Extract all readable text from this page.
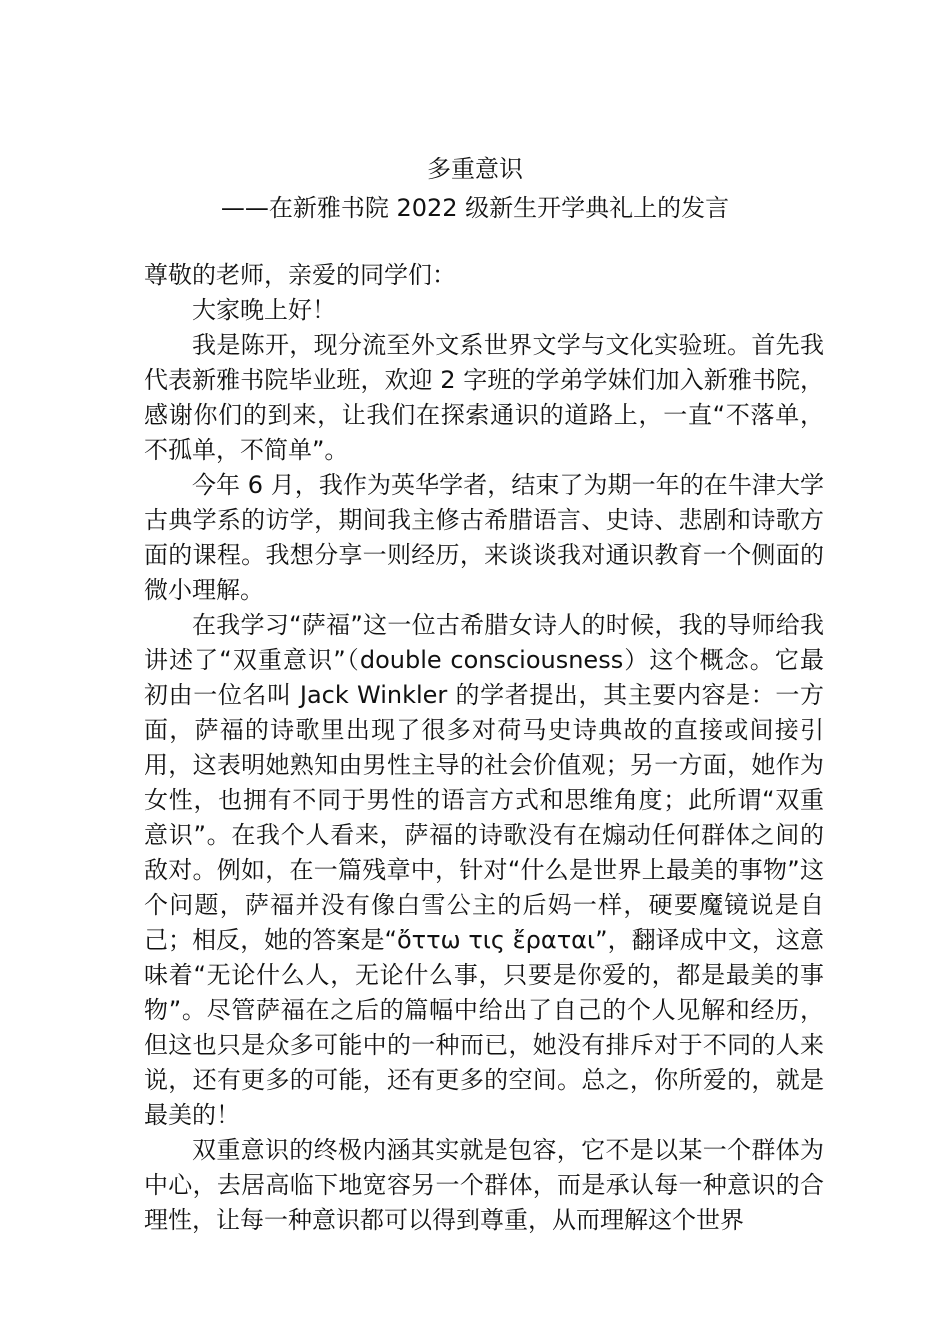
多重意识
——在新雅书院 2022 级新生开学典礼上的发言

尊敬的老师，亲爱的同学们：

大家晚上好！

我是陈开，现分流至外文系世界文学与文化实验班。首先我代表新雅书院毕业班，欢迎 2 字班的学弟学妹们加入新雅书院，感谢你们的到来，让我们在探索通识的道路上，一直“不落单，不孤单，不简单”。

今年 6 月，我作为英华学者，结束了为期一年的在牛津大学古典学系的访学，期间我主修古希腊语言、史诗、悲剧和诗歌方面的课程。我想分享一则经历，来谈谈我对通识教育一个侧面的微小理解。

在我学习“萨福”这一位古希腊女诗人的时候，我的导师给我讲述了“双重意识”（double consciousness）这个概念。它最初由一位名叫 Jack Winkler 的学者提出，其主要内容是：一方面，萨福的诗歌里出现了很多对荷马史诗典故的直接或间接引用，这表明她熟知由男性主导的社会价值观；另一方面，她作为女性，也拥有不同于男性的语言方式和思维角度；此所谓“双重意识”。在我个人看来，萨福的诗歌没有在煽动任何群体之间的敌对。例如，在一篇残章中，针对“什么是世界上最美的事物”这个问题，萨福并没有像白雪公主的后妈一样，硬要魔镜说是自己；相反，她的答案是“ὄττω τις ἔραται”，翻译成中文，这意味着“无论什么人，无论什么事，只要是你爱的，都是最美的事物”。尽管萨福在之后的篇幅中给出了自己的个人见解和经历，但这也只是众多可能中的一种而已，她没有排斥对于不同的人来说，还有更多的可能，还有更多的空间。总之，你所爱的，就是最美的！

双重意识的终极内涵其实就是包容，它不是以某一个群体为中心，去居高临下地宽容另一个群体，而是承认每一种意识的合理性，让每一种意识都可以得到尊重，从而理解这个世界
